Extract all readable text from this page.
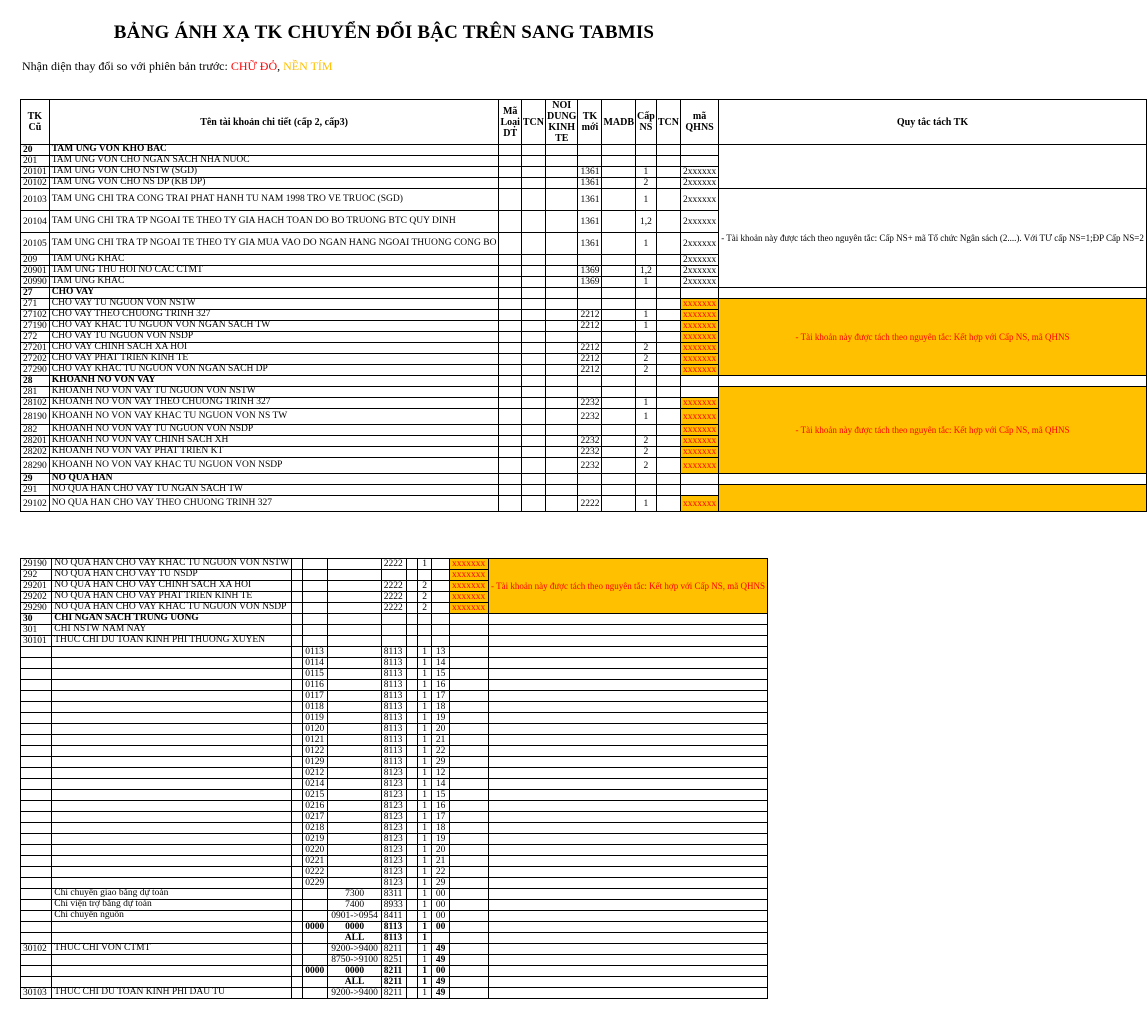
BẢNG ÁNH XẠ TK CHUYỂN ĐỔI BẬC TRÊN SANG TABMIS
Nhận diện thay đổi so với phiên bản trước: CHỮ ĐỎ, NỀN TÍM
TK Cũ	Tên tài khoản chi tiết (cấp 2, cấp3)	Mã Loại DT	TCN	NOI DUNG KINH TE	TK mới	MADB	Cấp NS	TCN	mã QHNS	Quy tắc tách TK
20	TAM UNG VON KHO BAC									
201	TAM UNG VON CHO NGAN SACH NHA NUOC									
20101	TAM UNG VON CHO NSTW (SGD)				1361		1		2xxxxxx	
20102	TAM UNG VON CHO NS DP (KB DP)				1361		2		2xxxxxx	
20103	TAM UNG CHI TRA CONG TRAI PHAT HANH TU NAM 1998 TRO VE TRUOC (SGD)				1361		1		2xxxxxx	- Tài khoản này được tách theo nguyên tắc: Cấp NS+ mã Tổ chức Ngân sách (2....). Với TƯ cấp NS=1;ĐP Cấp NS=2
20104	TAM UNG CHI TRA TP NGOAI TE THEO TY GIA HACH TOAN DO BO TRUONG BTC QUY DINH				1361		1,2		2xxxxxx	
20105	TAM UNG CHI TRA TP NGOAI TE THEO TY GIA MUA VAO DO NGAN HANG NGOAI THUONG CONG BO				1361		1		2xxxxxx	
209	TAM UNG KHAC								2xxxxxx	
20901	TAM UNG THU HOI NO CAC CTMT				1369		1,2		2xxxxxx	
20990	TAM UNG KHAC				1369		1		2xxxxxx	
27	CHO VAY									
271	CHO VAY TU NGUON VON NSTW								xxxxxxx	- Tài khoản này được tách theo nguyên tắc: Kết hợp với Cấp NS, mã QHNS
27102	CHO VAY THEO CHUONG TRINH 327				2212		1		xxxxxxx	
27190	CHO VAY KHAC TU NGUON VON NGAN SACH TW				2212		1		xxxxxxx	
272	CHO VAY TU NGUON VON NSDP								xxxxxxx	
27201	CHO VAY CHINH SACH XA HOI				2212		2		xxxxxxx	
27202	CHO VAY PHAT TRIEN KINH TE				2212		2		xxxxxxx	
27290	CHO VAY KHAC TU NGUON VON NGAN SACH DP				2212		2		xxxxxxx	
28	KHOANH NO VON VAY									
281	KHOANH NO VON VAY TU NGUON VON NSTW									- Tài khoản này được tách theo nguyên tắc: Kết hợp với Cấp NS, mã QHNS
28102	KHOANH NO VON VAY THEO CHUONG TRINH 327				2232		1		xxxxxxx	
28190	KHOANH NO VON VAY KHAC TU NGUON VON NS TW				2232		1		xxxxxxx	
282	KHOANH NO VON VAY TU NGUON VON NSDP								xxxxxxx	
28201	KHOANH NO VON VAY CHINH SACH XH				2232		2		xxxxxxx	
28202	KHOANH NO VON VAY PHAT TRIEN KT				2232		2		xxxxxxx	
28290	KHOANH NO VON VAY KHAC TU NGUON VON NSDP				2232		2		xxxxxxx	
29	NO QUA HAN									
291	NO QUA HAN CHO VAY TU NGAN SACH TW									
29102	NO QUA HAN CHO VAY THEO CHUONG TRINH 327				2222		1		xxxxxxx	
29190	NO QUA HAN CHO VAY KHAC TU NGUON VON NSTW				2222		1		xxxxxxx	- Tài khoản này được tách theo nguyên tắc: Kết hợp với Cấp NS, mã QHNS
292	NO QUA HAN CHO VAY TU NSDP								xxxxxxx	
29201	NO QUA HAN CHO VAY CHINH SACH XA HOI				2222		2		xxxxxxx	
29202	NO QUA HAN CHO VAY PHAT TRIEN KINH TE				2222		2		xxxxxxx	
29290	NO QUA HAN CHO VAY KHAC TU NGUON VON NSDP				2222		2		xxxxxxx	
30	CHI NGAN SACH TRUNG UONG									
301	CHI NSTW NAM NAY									
30101	THUC CHI DU TOAN KINH PHI THUONG XUYEN									
			0113		8113		1	13		
			0114		8113		1	14		
			0115		8113		1	15		
			0116		8113		1	16		
			0117		8113		1	17		
			0118		8113		1	18		
			0119		8113		1	19		
			0120		8113		1	20		
			0121		8113		1	21		
			0122		8113		1	22		
			0129		8113		1	29		
			0212		8123		1	12		
			0214		8123		1	14		
			0215		8123		1	15		
			0216		8123		1	16		
			0217		8123		1	17		
			0218		8123		1	18		
			0219		8123		1	19		
			0220		8123		1	20		
			0221		8123		1	21		
			0222		8123		1	22		
			0229		8123		1	29		
	Chi chuyển giao bằng dự toán			7300	8311		1	00		
	Chi viện trợ bằng dự toán			7400	8933		1	00		
	Chi chuyển nguồn			0901->0954	8411		1	00		
			0000	0000	8113		1	00		
				ALL	8113		1			
30102	THUC CHI VON CTMT			9200->9400	8211		1	49		
				8750->9100	8251		1	49		
			0000	0000	8211		1	00		
				ALL	8211		1	49		
30103	THUC CHI DU TOAN KINH PHI DAU TU			9200->9400	8211		1	49		
